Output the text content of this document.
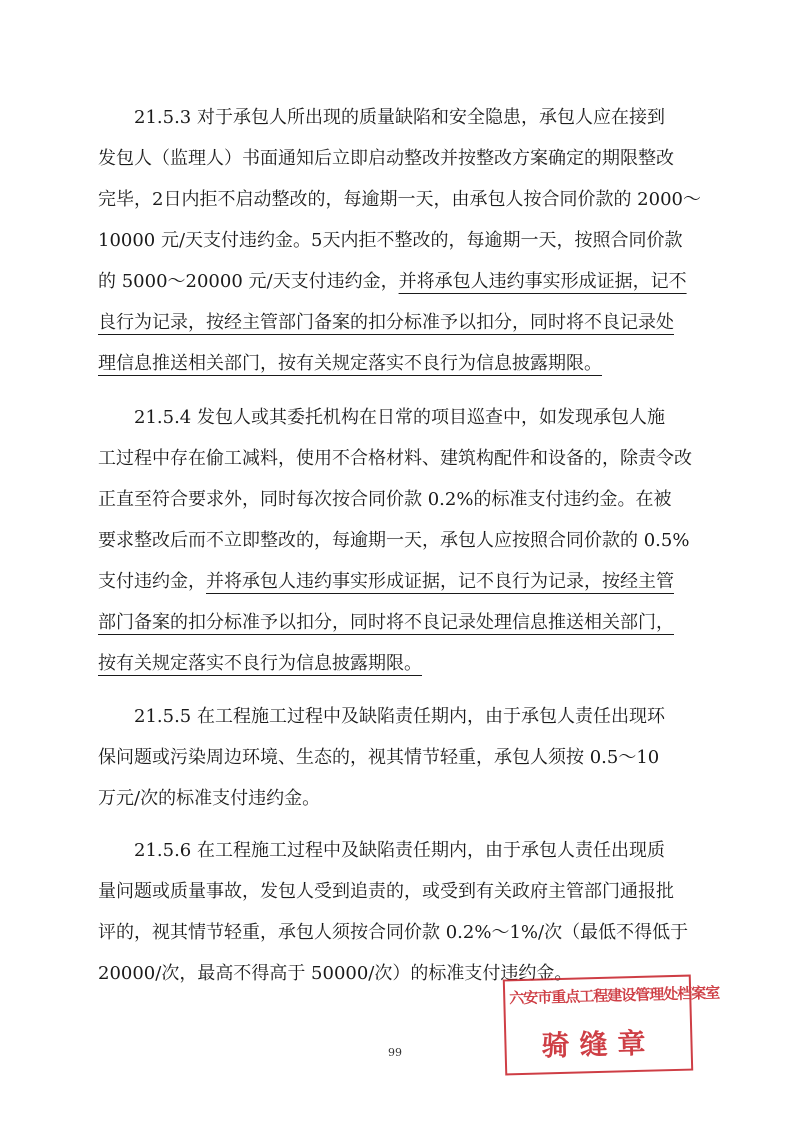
21.5.3 对于承包人所出现的质量缺陷和安全隐患，承包人应在接到
发包人（监理人）书面通知后立即启动整改并按整改方案确定的期限整改
完毕，2日内拒不启动整改的，每逾期一天，由承包人按合同价款的 2000～
10000 元/天支付违约金。5天内拒不整改的，每逾期一天，按照合同价款
的 5000～20000 元/天支付违约金，并将承包人违约事实形成证据，记不
良行为记录，按经主管部门备案的扣分标准予以扣分，同时将不良记录处
理信息推送相关部门，按有关规定落实不良行为信息披露期限。
21.5.4 发包人或其委托机构在日常的项目巡查中，如发现承包人施
工过程中存在偷工减料，使用不合格材料、建筑构配件和设备的，除责令改
正直至符合要求外，同时每次按合同价款 0.2%的标准支付违约金。在被
要求整改后而不立即整改的，每逾期一天，承包人应按照合同价款的 0.5%
支付违约金，并将承包人违约事实形成证据，记不良行为记录，按经主管
部门备案的扣分标准予以扣分，同时将不良记录处理信息推送相关部门，
按有关规定落实不良行为信息披露期限。
21.5.5 在工程施工过程中及缺陷责任期内，由于承包人责任出现环
保问题或污染周边环境、生态的，视其情节轻重，承包人须按 0.5～10
万元/次的标准支付违约金。
21.5.6 在工程施工过程中及缺陷责任期内，由于承包人责任出现质
量问题或质量事故，发包人受到追责的，或受到有关政府主管部门通报批
评的，视其情节轻重，承包人须按合同价款 0.2%～1%/次（最低不得低于
20000/次，最高不得高于 50000/次）的标准支付违约金。
99
六安市重点工程建设管理处档案室
骑缝章
